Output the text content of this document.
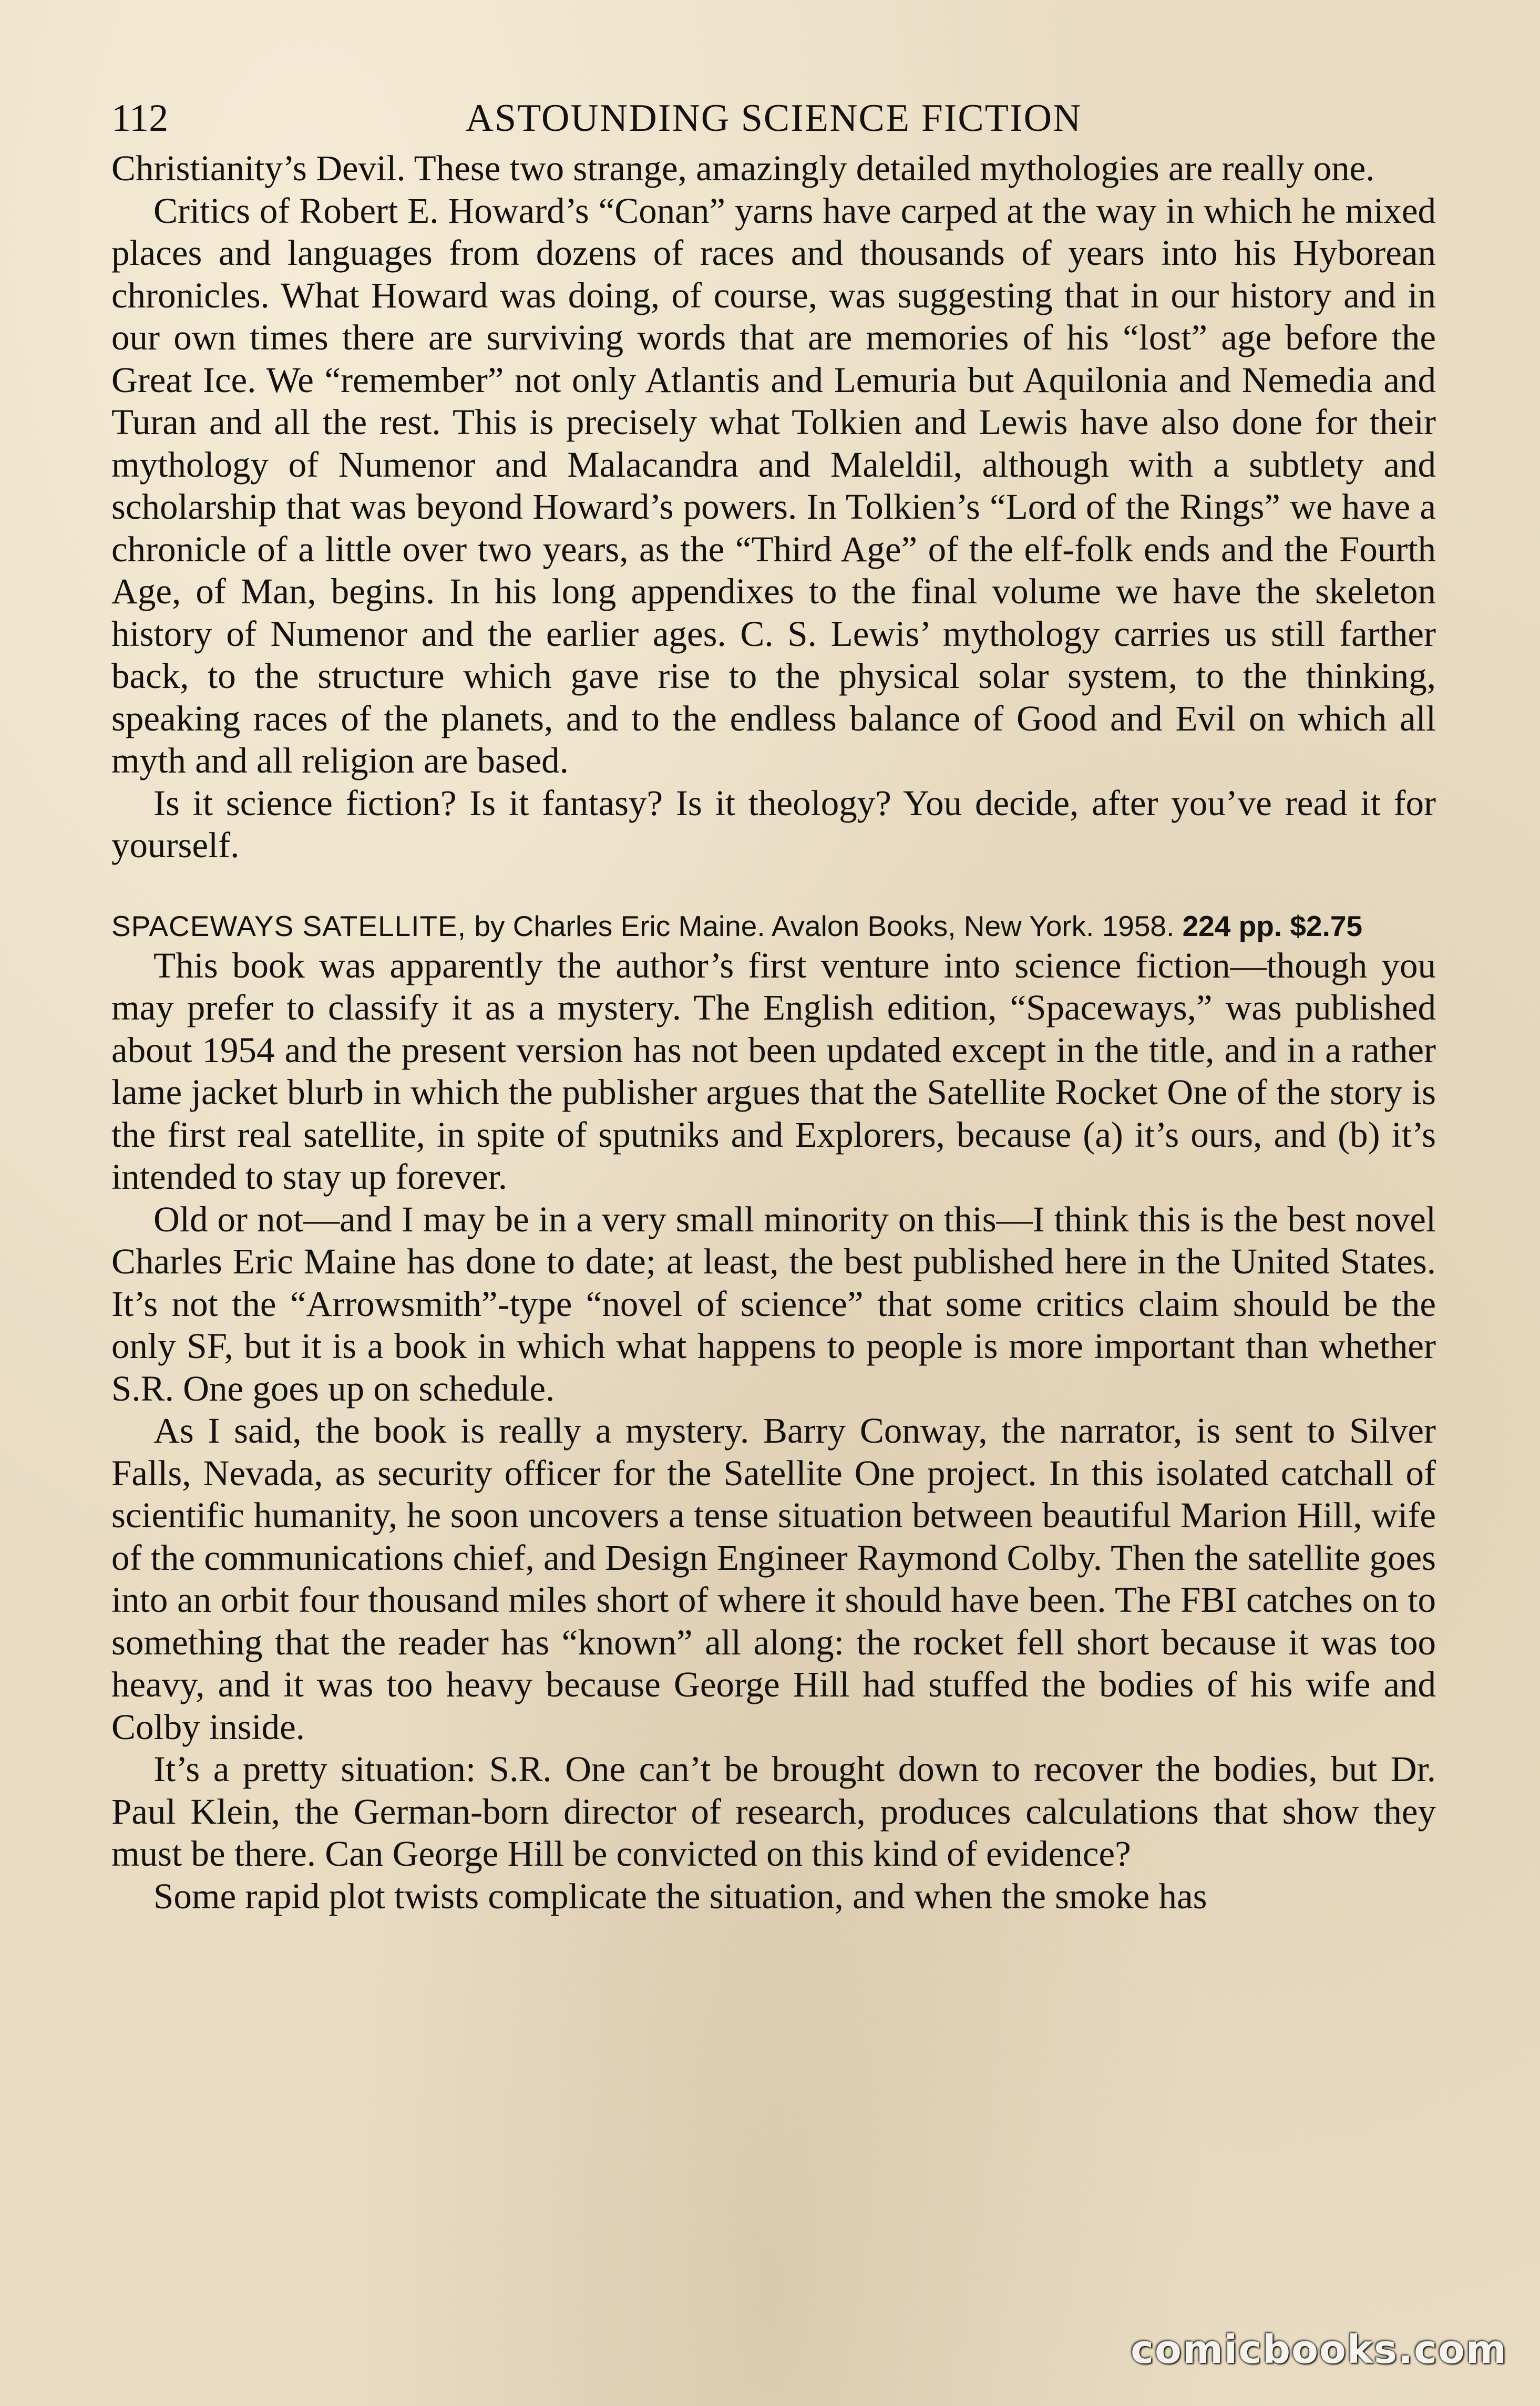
112	ASTOUNDING SCIENCE FICTION

Christianity’s Devil. These two strange, amazingly detailed mythologies are really one.

Critics of Robert E. Howard’s “Conan” yarns have carped at the way in which he mixed places and languages from dozens of races and thousands of years into his Hyborean chronicles. What Howard was doing, of course, was suggesting that in our history and in our own times there are surviving words that are memories of his “lost” age before the Great Ice. We “remember” not only Atlantis and Lemuria but Aquilonia and Nemedia and Turan and all the rest. This is precisely what Tolkien and Lewis have also done for their mythology of Numenor and Malacandra and Maleldil, although with a subtlety and scholarship that was beyond Howard’s powers. In Tolkien’s “Lord of the Rings” we have a chronicle of a little over two years, as the “Third Age” of the elf-folk ends and the Fourth Age, of Man, begins. In his long appendixes to the final volume we have the skeleton history of Numenor and the earlier ages. C. S. Lewis’ mythology carries us still farther back, to the structure which gave rise to the physical solar system, to the thinking, speaking races of the planets, and to the endless balance of Good and Evil on which all myth and all religion are based.

Is it science fiction? Is it fantasy? Is it theology? You decide, after you’ve read it for yourself.

SPACEWAYS SATELLITE, by Charles Eric Maine. Avalon Books, New York. 1958. 224 pp. $2.75

This book was apparently the author’s first venture into science fiction—though you may prefer to classify it as a mystery. The English edition, “Spaceways,” was published about 1954 and the present version has not been updated except in the title, and in a rather lame jacket blurb in which the publisher argues that the Satellite Rocket One of the story is the first real satellite, in spite of sputniks and Explorers, because (a) it’s ours, and (b) it’s intended to stay up forever.

Old or not—and I may be in a very small minority on this—I think this is the best novel Charles Eric Maine has done to date; at least, the best published here in the United States. It’s not the “Arrowsmith”-type “novel of science” that some critics claim should be the only SF, but it is a book in which what happens to people is more important than whether S.R. One goes up on schedule.

As I said, the book is really a mystery. Barry Conway, the narrator, is sent to Silver Falls, Nevada, as security officer for the Satellite One project. In this isolated catchall of scientific humanity, he soon uncovers a tense situation between beautiful Marion Hill, wife of the communications chief, and Design Engineer Raymond Colby. Then the satellite goes into an orbit four thousand miles short of where it should have been. The FBI catches on to something that the reader has “known” all along: the rocket fell short because it was too heavy, and it was too heavy because George Hill had stuffed the bodies of his wife and Colby inside.

It’s a pretty situation: S.R. One can’t be brought down to recover the bodies, but Dr. Paul Klein, the German-born director of research, produces calculations that show they must be there. Can George Hill be convicted on this kind of evidence?

Some rapid plot twists complicate the situation, and when the smoke has

comicbooks.com
